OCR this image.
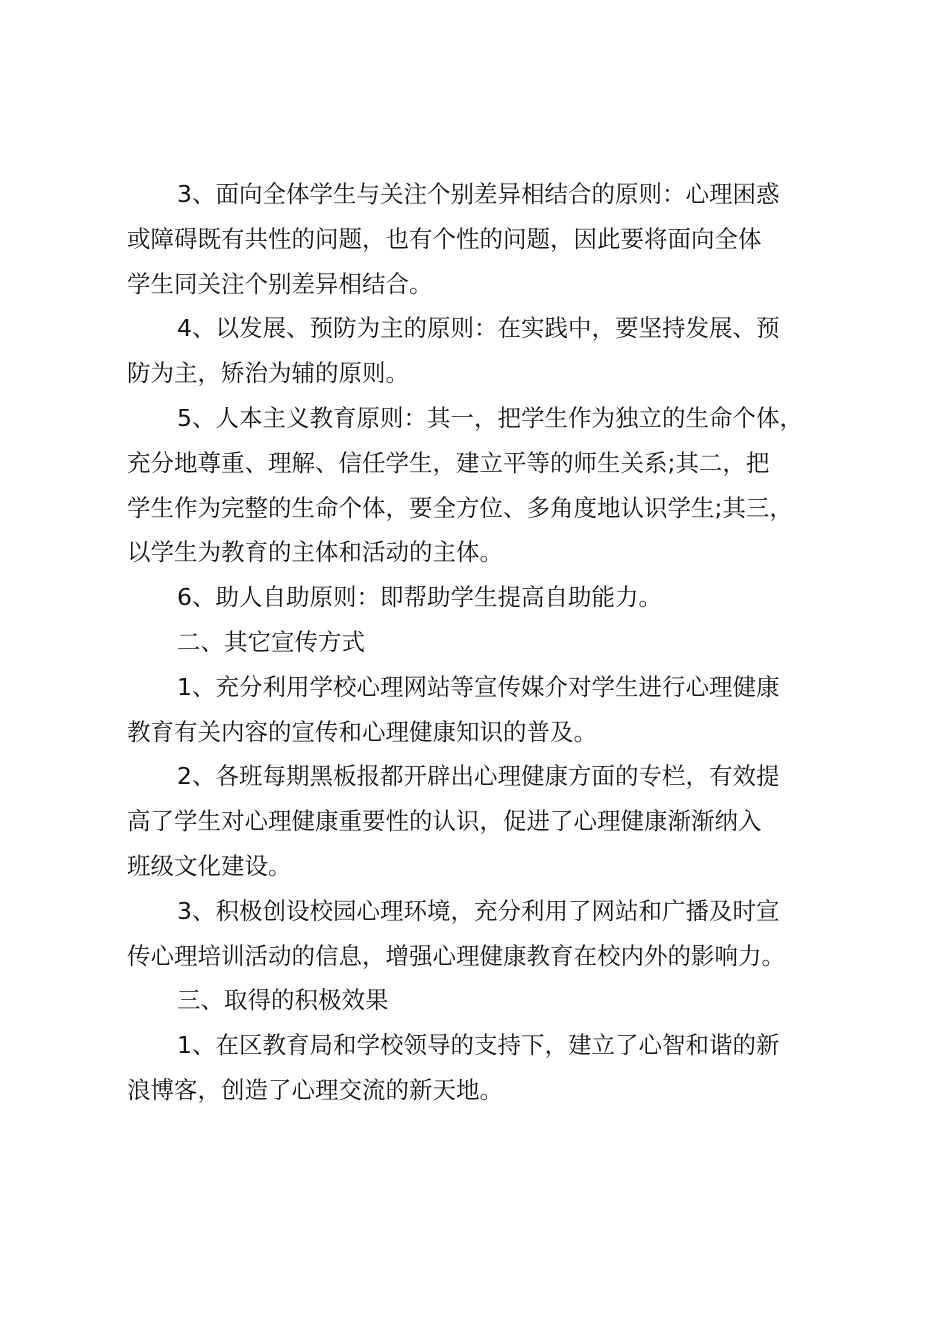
3、面向全体学生与关注个别差异相结合的原则：心理困惑
或障碍既有共性的问题，也有个性的问题，因此要将面向全体
学生同关注个别差异相结合。
4、以发展、预防为主的原则：在实践中，要坚持发展、预
防为主，矫治为辅的原则。
5、人本主义教育原则：其一，把学生作为独立的生命个体，
充分地尊重、理解、信任学生，建立平等的师生关系;其二，把
学生作为完整的生命个体，要全方位、多角度地认识学生;其三，
以学生为教育的主体和活动的主体。
6、助人自助原则：即帮助学生提高自助能力。
二、其它宣传方式
1、充分利用学校心理网站等宣传媒介对学生进行心理健康
教育有关内容的宣传和心理健康知识的普及。
2、各班每期黑板报都开辟出心理健康方面的专栏，有效提
高了学生对心理健康重要性的认识，促进了心理健康渐渐纳入
班级文化建设。
3、积极创设校园心理环境，充分利用了网站和广播及时宣
传心理培训活动的信息，增强心理健康教育在校内外的影响力。
三、取得的积极效果
1、在区教育局和学校领导的支持下，建立了心智和谐的新
浪博客，创造了心理交流的新天地。
